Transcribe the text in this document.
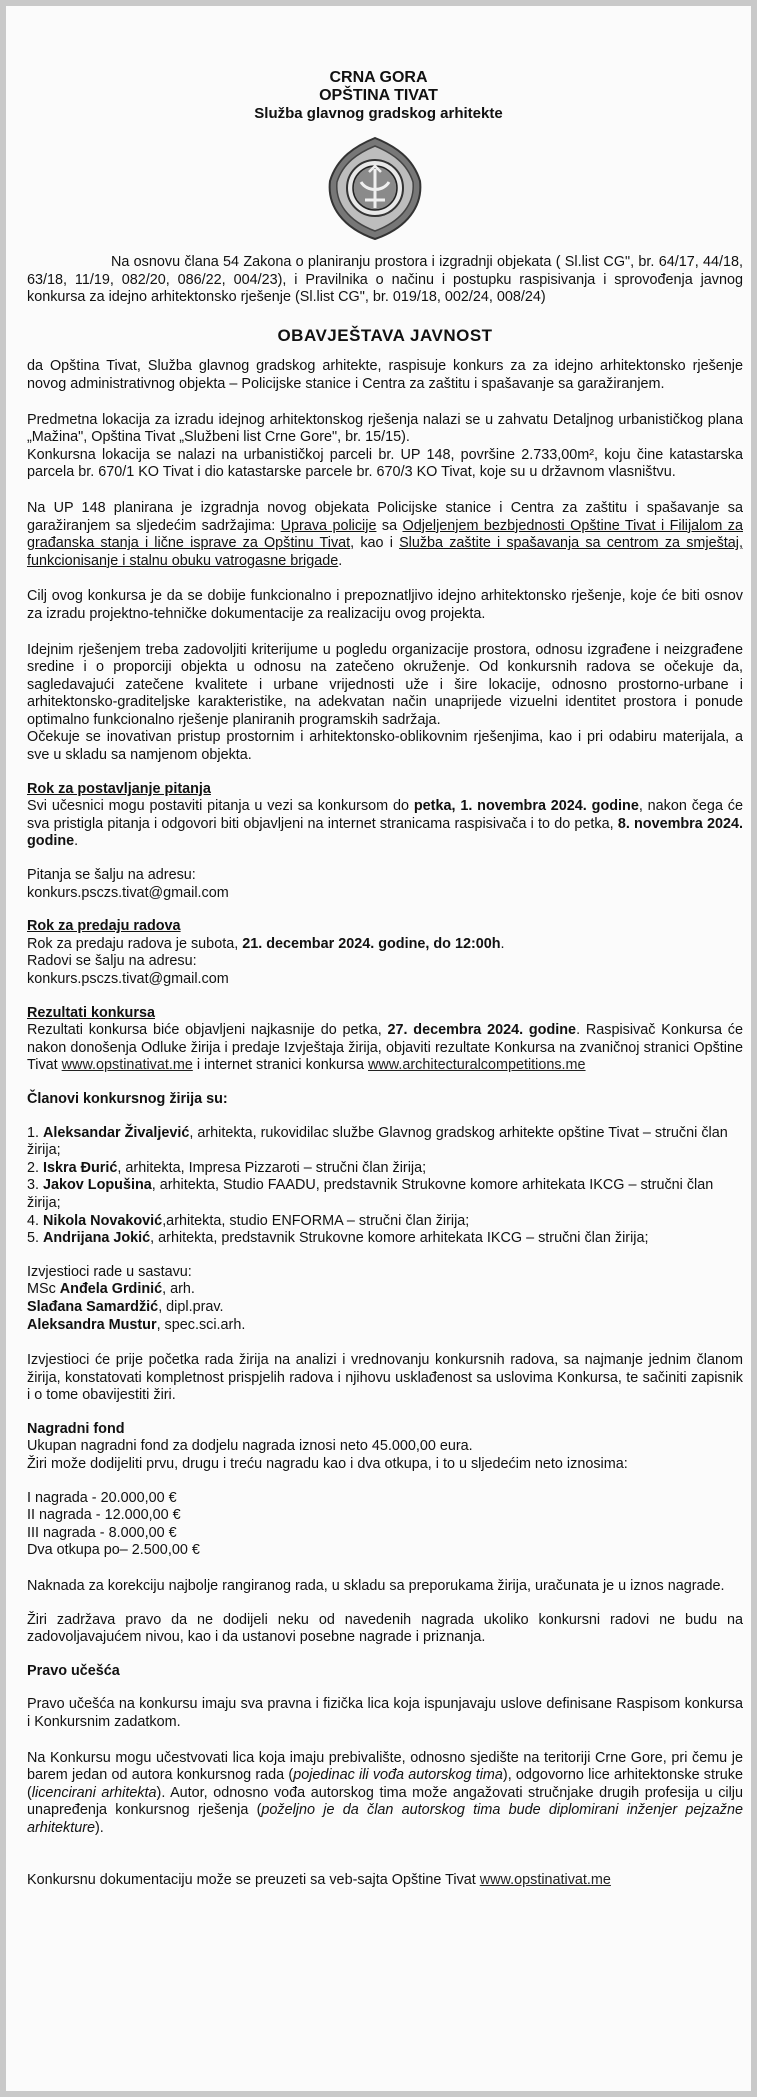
CRNA GORA
OPŠTINA TIVAT
Služba glavnog gradskog arhitekte

Na osnovu člana 54 Zakona o planiranju prostora i izgradnji objekata ( Sl.list CG", br. 64/17, 44/18, 63/18, 11/19, 082/20, 086/22, 004/23), i Pravilnika o načinu i postupku raspisivanja i sprovođenja javnog konkursa za idejno arhitektonsko rješenje (Sl.list CG", br. 019/18, 002/24, 008/24)

OBAVJEŠTAVA JAVNOST

da Opština Tivat, Služba glavnog gradskog arhitekte, raspisuje konkurs za za idejno arhitektonsko rješenje novog administrativnog objekta – Policijske stanice i Centra za zaštitu i spašavanje sa garažiranjem.

Predmetna lokacija za izradu idejnog arhitektonskog rješenja nalazi se u zahvatu Detaljnog urbanističkog plana „Mažina", Opština Tivat „Službeni list Crne Gore", br. 15/15).

Konkursna lokacija se nalazi na urbanističkoj parceli br. UP 148, površine 2.733,00m², koju čine katastarska parcela br. 670/1 KO Tivat i dio katastarske parcele br. 670/3 KO Tivat, koje su u državnom vlasništvu.

Na UP 148 planirana je izgradnja novog objekata Policijske stanice i Centra za zaštitu i spašavanje sa garažiranjem sa sljedećim sadržajima: Uprava policije sa Odjeljenjem bezbjednosti Opštine Tivat i Filijalom za građanska stanja i lične isprave za Opštinu Tivat, kao i Služba zaštite i spašavanja sa centrom za smještaj, funkcionisanje i stalnu obuku vatrogasne brigade.

Cilj ovog konkursa je da se dobije funkcionalno i prepoznatljivo idejno arhitektonsko rješenje, koje će biti osnov za izradu projektno-tehničke dokumentacije za realizaciju ovog projekta.

Idejnim rješenjem treba zadovoljiti kriterijume u pogledu organizacije prostora, odnosu izgrađene i neizgrađene sredine i o proporciji objekta u odnosu na zatečeno okruženje. Od konkursnih radova se očekuje da, sagledavajući zatečene kvalitete i urbane vrijednosti uže i šire lokacije, odnosno prostorno-urbane i arhitektonsko-graditeljske karakteristike, na adekvatan način unaprijede vizuelni identitet prostora i ponude optimalno funkcionalno rješenje planiranih programskih sadržaja.

Očekuje se inovativan pristup prostornim i arhitektonsko-oblikovnim rješenjima, kao i pri odabiru materijala, a sve u skladu sa namjenom objekta.

Rok za postavljanje pitanja

Svi učesnici mogu postaviti pitanja u vezi sa konkursom do petka, 1. novembra 2024. godine, nakon čega će sva pristigla pitanja i odgovori biti objavljeni na internet stranicama raspisivača i to do petka, 8. novembra 2024. godine.

Pitanja se šalju na adresu:

konkurs.psczs.tivat@gmail.com

Rok za predaju radova

Rok za predaju radova je subota, 21. decembar 2024. godine, do 12:00h.

Radovi se šalju na adresu:

konkurs.psczs.tivat@gmail.com

Rezultati konkursa

Rezultati konkursa biće objavljeni najkasnije do petka, 27. decembra 2024. godine. Raspisivač Konkursa će nakon donošenja Odluke žirija i predaje Izvještaja žirija, objaviti rezultate Konkursa na zvaničnoj stranici Opštine Tivat www.opstinativat.me i internet stranici konkursa www.architecturalcompetitions.me

Članovi konkursnog žirija su:

1. Aleksandar Živaljević, arhitekta, rukovidilac službe Glavnog gradskog arhitekte opštine Tivat – stručni član žirija;

2. Iskra Đurić, arhitekta, Impresa Pizzaroti – stručni član žirija;

3. Jakov Lopušina, arhitekta, Studio FAADU, predstavnik Strukovne komore arhitekata IKCG – stručni član žirija;

4. Nikola Novaković,arhitekta, studio ENFORMA – stručni član žirija;

5. Andrijana Jokić, arhitekta, predstavnik Strukovne komore arhitekata IKCG – stručni član žirija;

Izvjestioci rade u sastavu:

MSc Anđela Grdinić, arh.

Slađana Samardžić, dipl.prav.

Aleksandra Mustur, spec.sci.arh.

Izvjestioci će prije početka rada žirija na analizi i vrednovanju konkursnih radova, sa najmanje jednim članom žirija, konstatovati kompletnost prispjelih radova i njihovu usklađenost sa uslovima Konkursa, te sačiniti zapisnik i o tome obavijestiti žiri.

Nagradni fond

Ukupan nagradni fond za dodjelu nagrada iznosi neto 45.000,00 eura.

Žiri može dodijeliti prvu, drugu i treću nagradu kao i dva otkupa, i to u sljedećim neto iznosima:

I nagrada - 20.000,00 €

II nagrada - 12.000,00 €

III nagrada - 8.000,00 €

Dva otkupa po– 2.500,00 €

Naknada za korekciju najbolje rangiranog rada, u skladu sa preporukama žirija, uračunata je u iznos nagrade.

Žiri zadržava pravo da ne dodijeli neku od navedenih nagrada ukoliko konkursni radovi ne budu na zadovoljavajućem nivou, kao i da ustanovi posebne nagrade i priznanja.

Pravo učešća

Pravo učešća na konkursu imaju sva pravna i fizička lica koja ispunjavaju uslove definisane Raspisom konkursa i Konkursnim zadatkom.

Na Konkursu mogu učestvovati lica koja imaju prebivalište, odnosno sjedište na teritoriji Crne Gore, pri čemu je barem jedan od autora konkursnog rada (pojedinac ili vođa autorskog tima), odgovorno lice arhitektonske struke (licencirani arhitekta). Autor, odnosno vođa autorskog tima može angažovati stručnjake drugih profesija u cilju unapređenja konkursnog rješenja (poželjno je da član autorskog tima bude diplomirani inženjer pejzažne arhitekture).

Konkursnu dokumentaciju može se preuzeti sa veb-sajta Opštine Tivat www.opstinativat.me
